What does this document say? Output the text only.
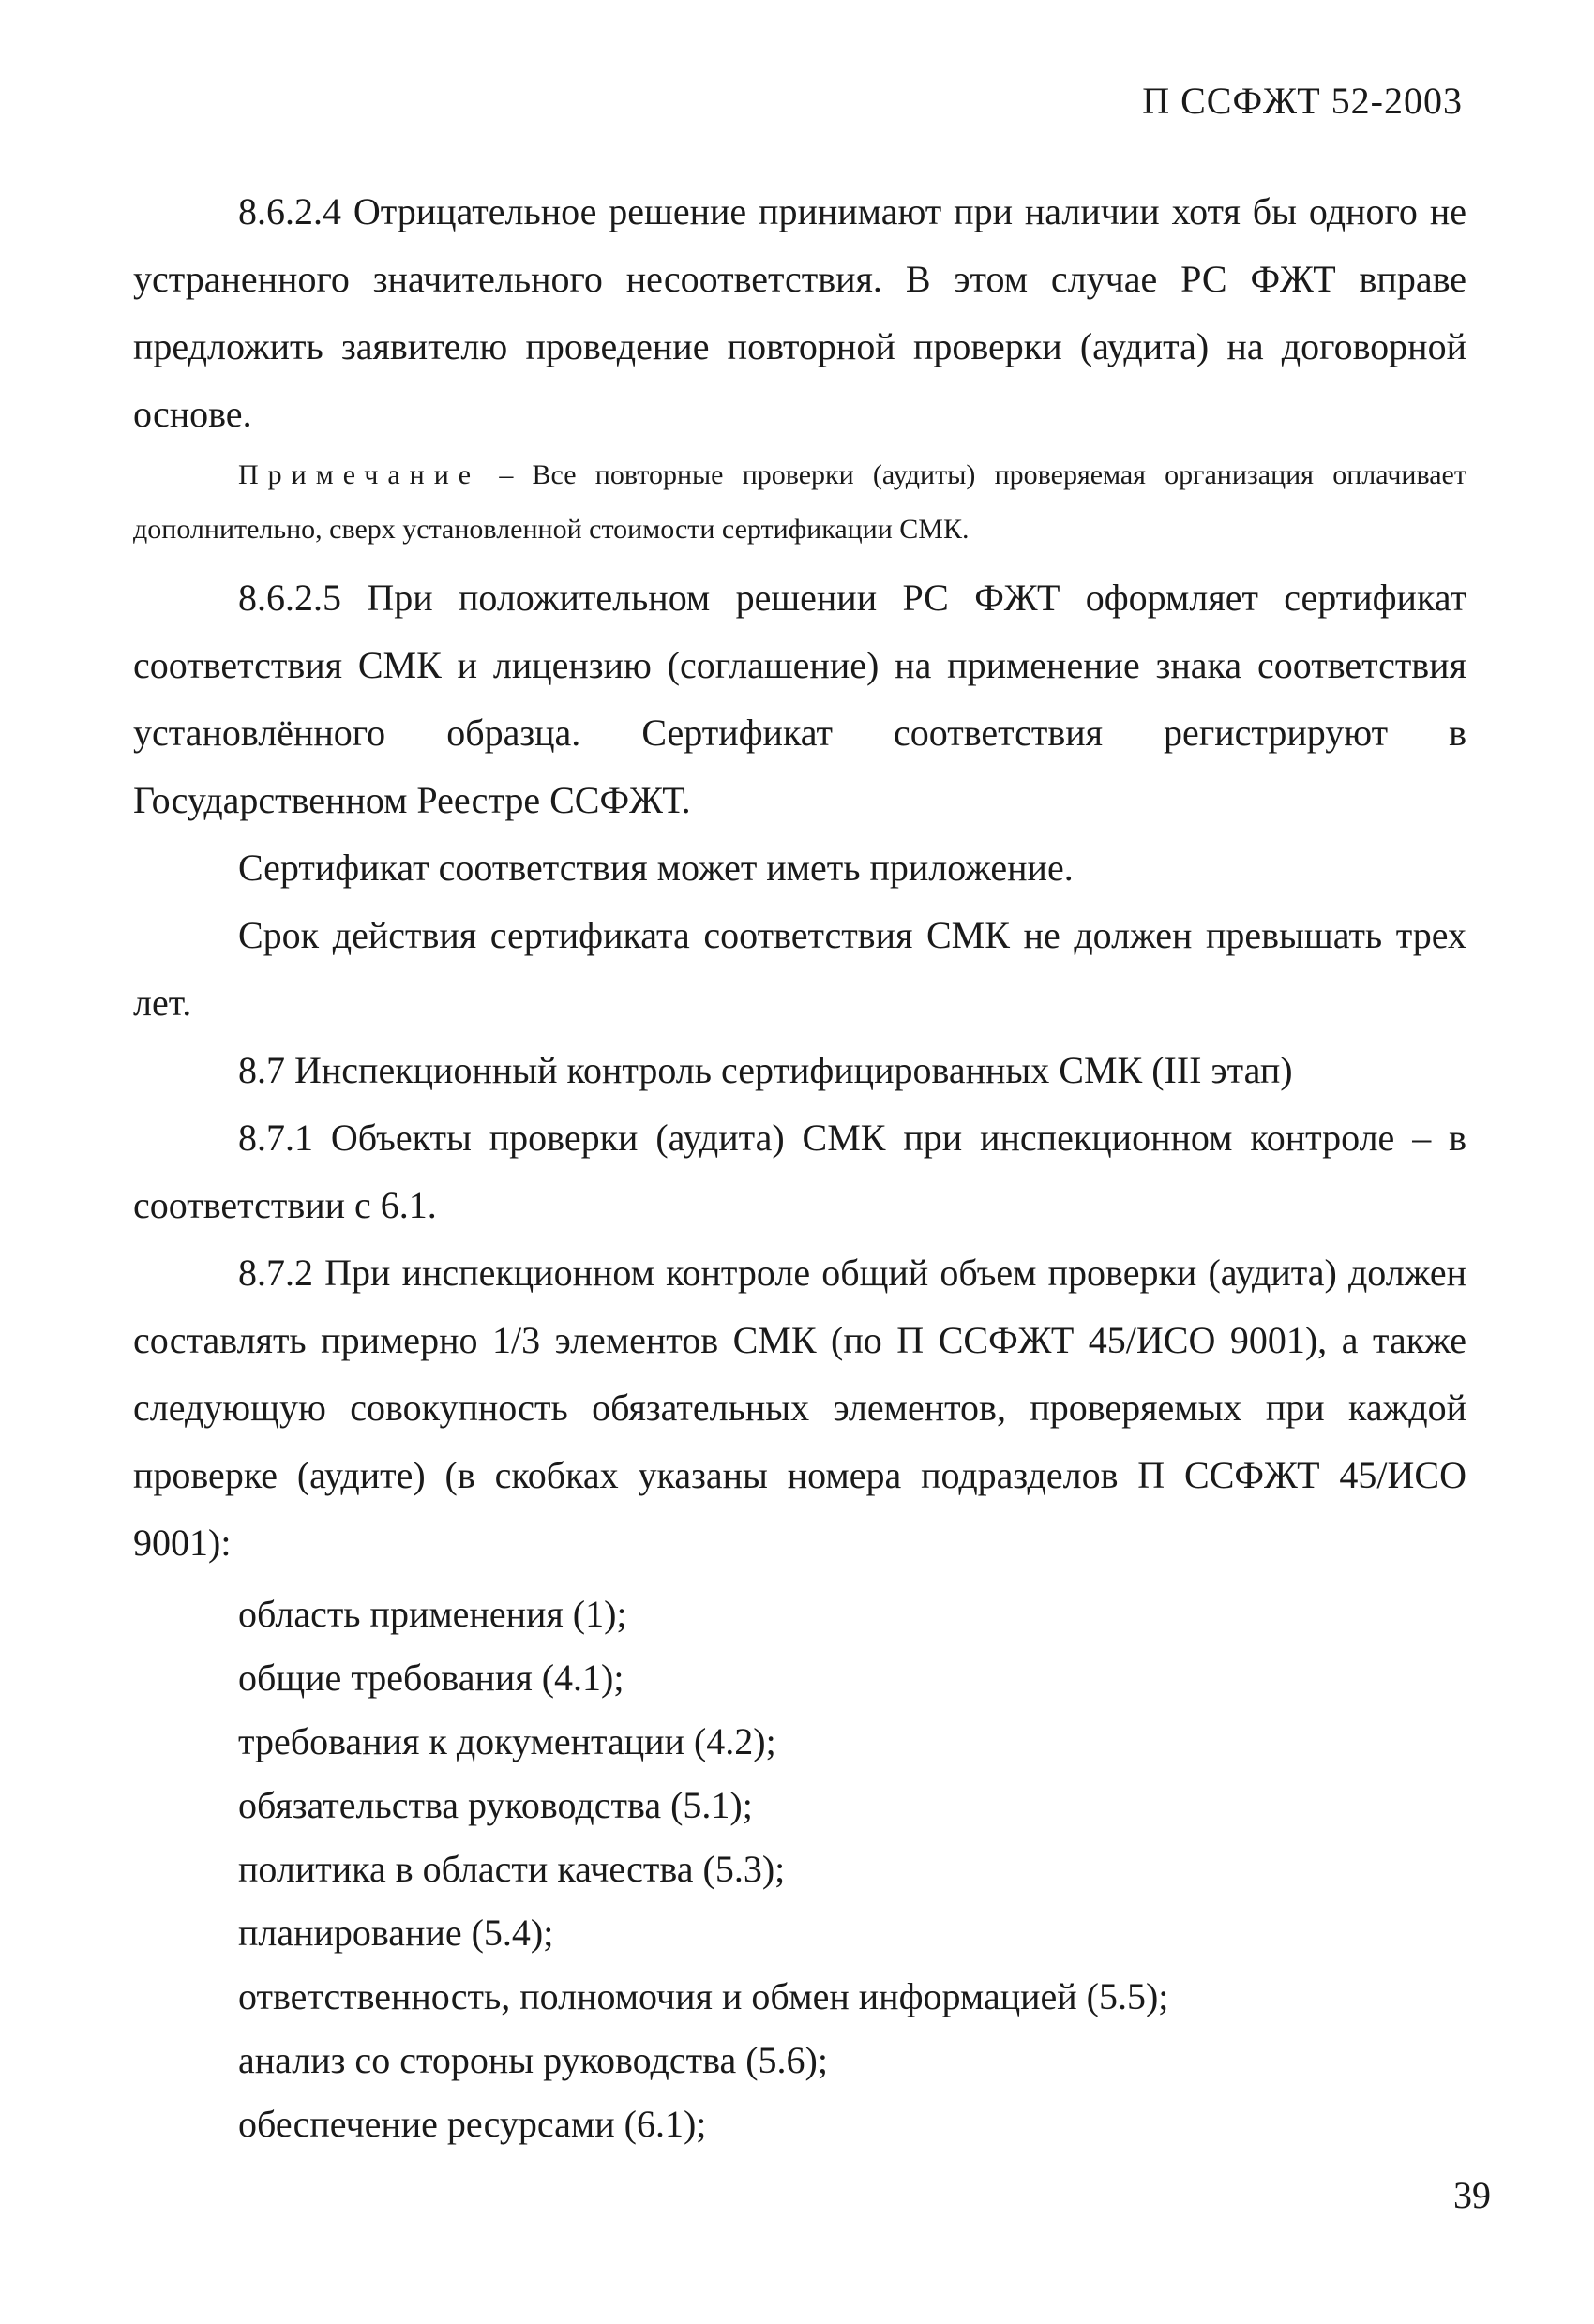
П ССФЖТ 52-2003

8.6.2.4 Отрицательное решение принимают при наличии хотя бы одного не устраненного значительного несоответствия. В этом случае РС ФЖТ вправе предложить заявителю проведение повторной проверки (аудита) на договорной основе.

Примечание – Все повторные проверки (аудиты) проверяемая организация оплачивает дополнительно, сверх установленной стоимости сертификации СМК.

8.6.2.5 При положительном решении РС ФЖТ оформляет сертификат соответствия СМК и лицензию (соглашение) на применение знака соответствия установлённого образца. Сертификат соответствия регистрируют в Государственном Реестре ССФЖТ.

Сертификат соответствия может иметь приложение.

Срок действия сертификата соответствия СМК не должен превышать трех лет.

8.7 Инспекционный контроль сертифицированных СМК (III этап)

8.7.1 Объекты проверки (аудита) СМК при инспекционном контроле – в соответствии с 6.1.

8.7.2 При инспекционном контроле общий объем проверки (аудита) должен составлять примерно 1/3 элементов СМК (по П ССФЖТ 45/ИСО 9001), а также следующую совокупность обязательных элементов, проверяемых при каждой проверке (аудите) (в скобках указаны номера подразделов П ССФЖТ 45/ИСО 9001):

область применения (1);
общие требования (4.1);
требования к документации (4.2);
обязательства руководства (5.1);
политика в области качества (5.3);
планирование (5.4);
ответственность, полномочия и обмен информацией (5.5);
анализ со стороны руководства (5.6);
обеспечение ресурсами (6.1);
39
